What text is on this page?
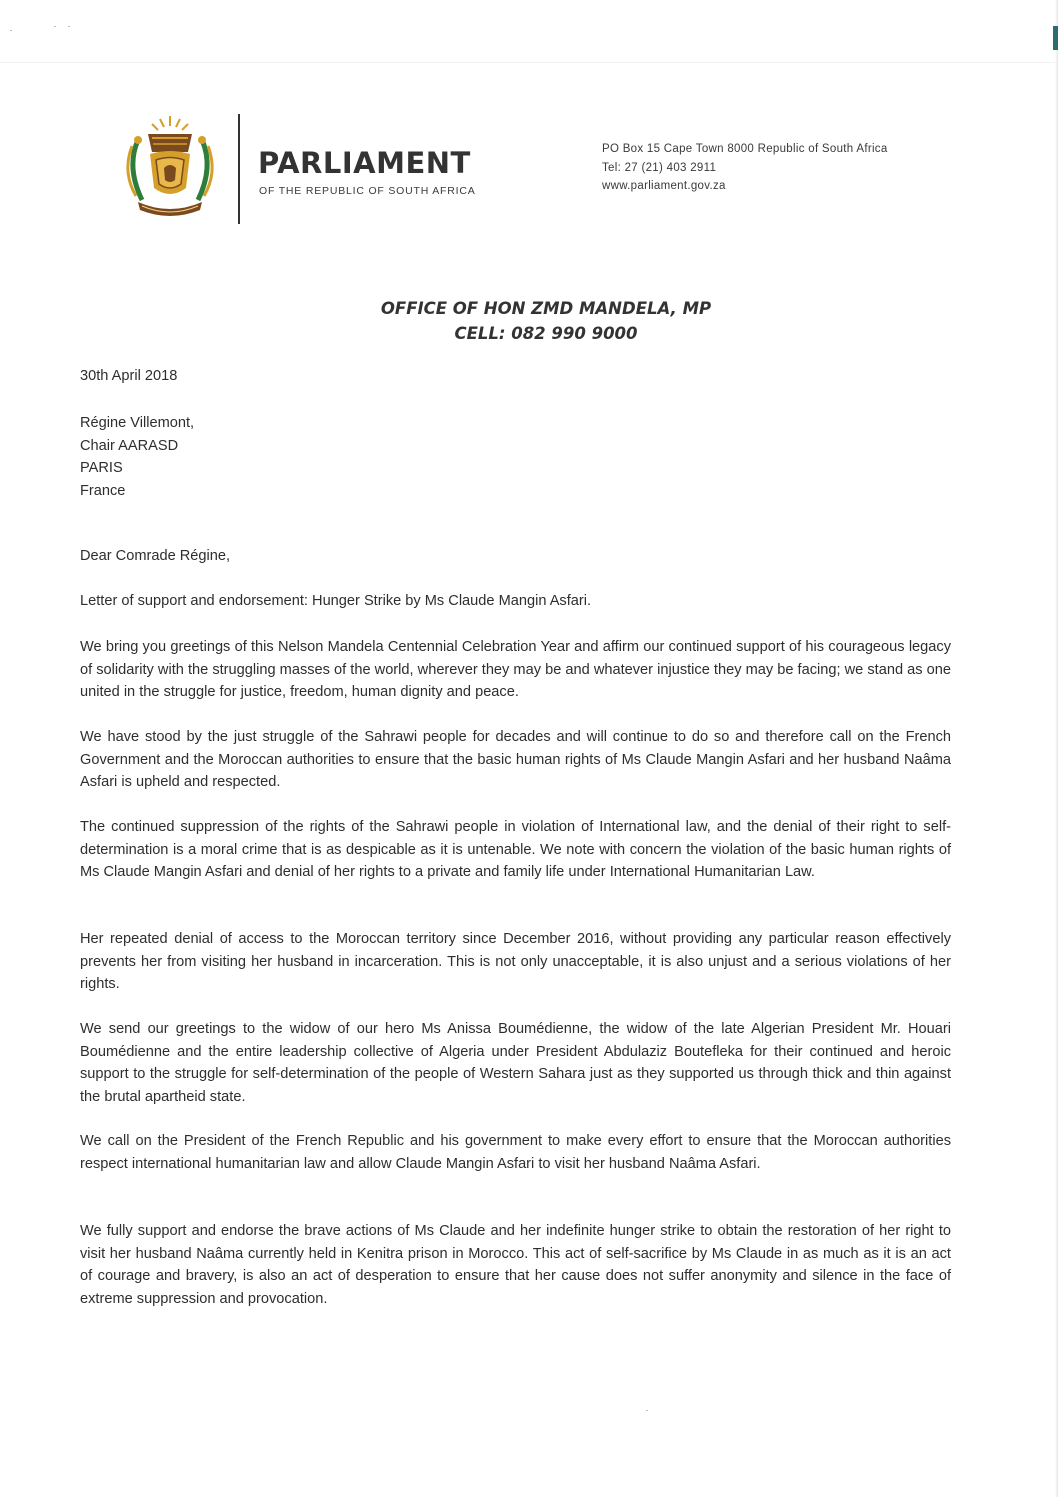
PARLIAMENT
OF THE REPUBLIC OF SOUTH AFRICA
PO Box 15 Cape Town 8000 Republic of South Africa
Tel: 27 (21) 403 2911
www.parliament.gov.za
OFFICE OF HON ZMD MANDELA, MP
CELL: 082 990 9000
30th April 2018
Régine Villemont,
Chair AARASD
PARIS
France
Dear Comrade Régine,
Letter of support and endorsement: Hunger Strike by Ms Claude Mangin Asfari.
We bring you greetings of this Nelson Mandela Centennial Celebration Year and affirm our continued support of his courageous legacy of solidarity with the struggling masses of the world, wherever they may be and whatever injustice they may be facing; we stand as one united in the struggle for justice, freedom, human dignity and peace.
We have stood by the just struggle of the Sahrawi people for decades and will continue to do so and therefore call on the French Government and the Moroccan authorities to ensure that the basic human rights of Ms Claude Mangin Asfari and her husband Naâma Asfari is upheld and respected.
The continued suppression of the rights of the Sahrawi people in violation of International law, and the denial of their right to self-determination is a moral crime that is as despicable as it is untenable. We note with concern the violation of the basic human rights of Ms Claude Mangin Asfari and denial of her rights to a private and family life under International Humanitarian Law.
Her repeated denial of access to the Moroccan territory since December 2016, without providing any particular reason effectively prevents her from visiting her husband in incarceration. This is not only unacceptable, it is also unjust and a serious violations of her rights.
We send our greetings to the widow of our hero Ms Anissa Boumédienne, the widow of the late Algerian President Mr. Houari Boumédienne and the entire leadership collective of Algeria under President Abdulaziz Boutefleka for their continued and heroic support to the struggle for self-determination of the people of Western Sahara just as they supported us through thick and thin against the brutal apartheid state.
We call on the President of the French Republic and his government to make every effort to ensure that the Moroccan authorities respect international humanitarian law and allow Claude Mangin Asfari to visit her husband Naâma Asfari.
We fully support and endorse the brave actions of Ms Claude and her indefinite hunger strike to obtain the restoration of her right to visit her husband Naâma currently held in Kenitra prison in Morocco. This act of self-sacrifice by Ms Claude in as much as it is an act of courage and bravery, is also an act of desperation to ensure that her cause does not suffer anonymity and silence in the face of extreme suppression and provocation.
